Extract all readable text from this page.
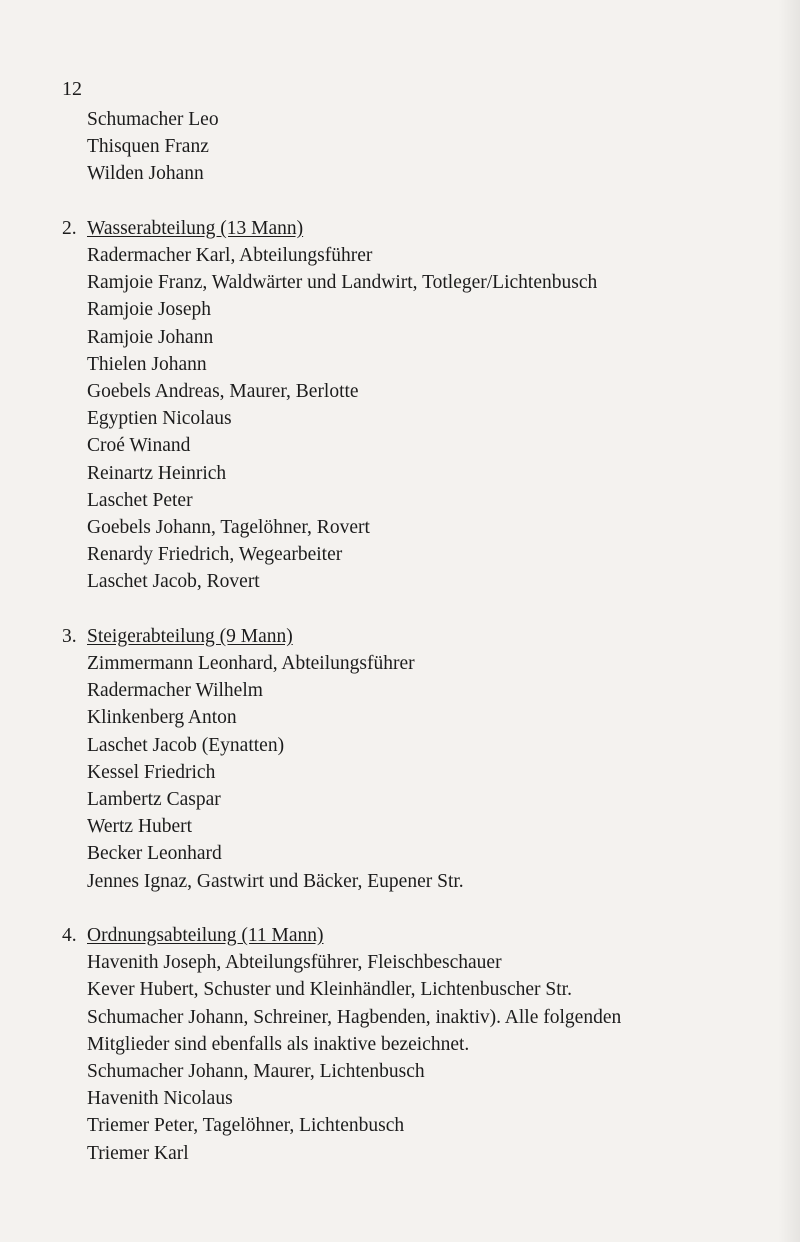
12
Schumacher Leo
Thisquen Franz
Wilden Johann
2. Wasserabteilung (13 Mann)
Radermacher Karl, Abteilungsführer
Ramjoie Franz, Waldwärter und Landwirt, Totleger/Lichtenbusch
Ramjoie Joseph
Ramjoie Johann
Thielen Johann
Goebels Andreas, Maurer, Berlotte
Egyptien Nicolaus
Croé Winand
Reinartz Heinrich
Laschet Peter
Goebels Johann, Tagelöhner, Rovert
Renardy Friedrich, Wegearbeiter
Laschet Jacob, Rovert
3. Steigerabteilung (9 Mann)
Zimmermann Leonhard, Abteilungsführer
Radermacher Wilhelm
Klinkenberg Anton
Laschet Jacob (Eynatten)
Kessel Friedrich
Lambertz Caspar
Wertz Hubert
Becker Leonhard
Jennes Ignaz, Gastwirt und Bäcker, Eupener Str.
4. Ordnungsabteilung (11 Mann)
Havenith Joseph, Abteilungsführer, Fleischbeschauer
Kever Hubert, Schuster und Kleinhändler, Lichtenbuscher Str.
Schumacher Johann, Schreiner, Hagbenden, inaktiv). Alle folgenden
Mitglieder sind ebenfalls als inaktive bezeichnet.
Schumacher Johann, Maurer, Lichtenbusch
Havenith Nicolaus
Triemer Peter, Tagelöhner, Lichtenbusch
Triemer Karl
